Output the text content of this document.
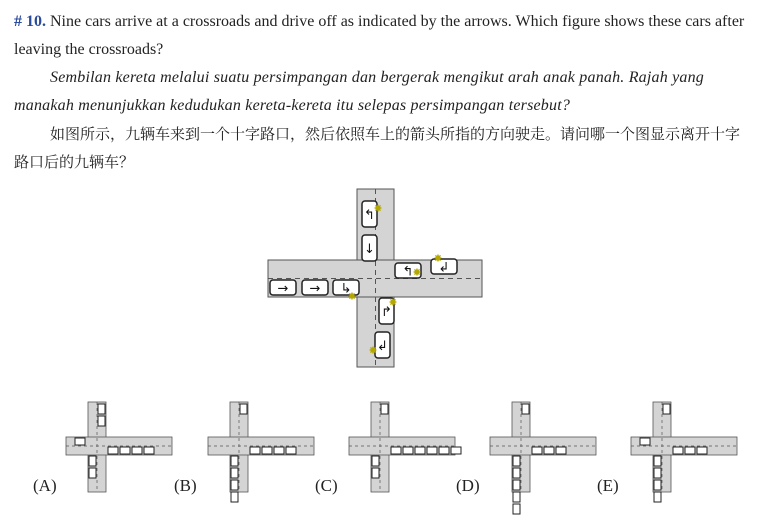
# 10. Nine cars arrive at a crossroads and drive off as indicated by the arrows. Which figure shows these cars after leaving the crossroads?
Sembilan kereta melalui suatu persimpangan dan bergerak mengikut arah anak panah. Rajah yang manakah menunjukkan kedudukan kereta-kereta itu selepas persimpangan tersebut?
如图所示，九辆车来到一个十字路口，然后依照车上的箭头所指的方向驶走。请问哪一个图显示离开十字路口后的九辆车？
↰
✸
↓
↰
✸ ↲
✸
→ → ↳
✸
↱
✸
↲
✸
(A)	(B)	(C)	(D)	(E)
